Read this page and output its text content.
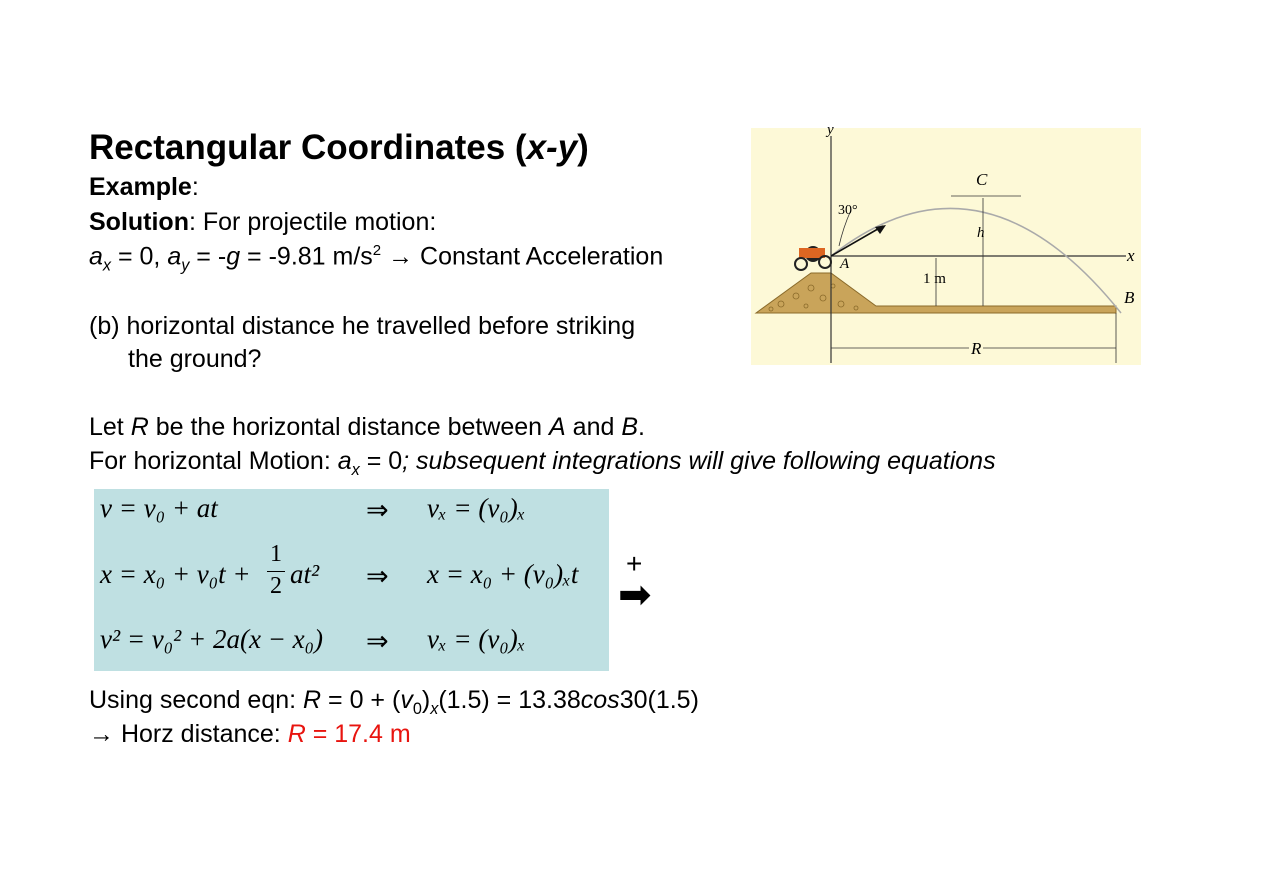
Rectangular Coordinates (x-y)
Example:
Solution: For projectile motion:
$a_x = 0$, $a_y = -g = -9.81$ $m/s^2$ → Constant Acceleration
(b) horizontal distance he travelled before striking
the ground?
Let R be the horizontal distance between A and B.
For horizontal Motion: $a_x = 0$; subsequent integrations will give following equations
v = v₀ + at	⇒ vₓ = (v₀)ₓ
x = x₀ + v₀t +
1
2 at² ⇒ x = x₀ + (v₀)ₓt
v² = v₀² + 2a(x − x₀) ⇒ vₓ = (v₀)ₓ
+
➡
Using second eqn: $R = 0 + (v_0)_x(1.5) = 13.38\cos 30(1.5)$
→ Horz distance: R = 17.4 m
y
x
30°
C
h
A
1 m
B
R
